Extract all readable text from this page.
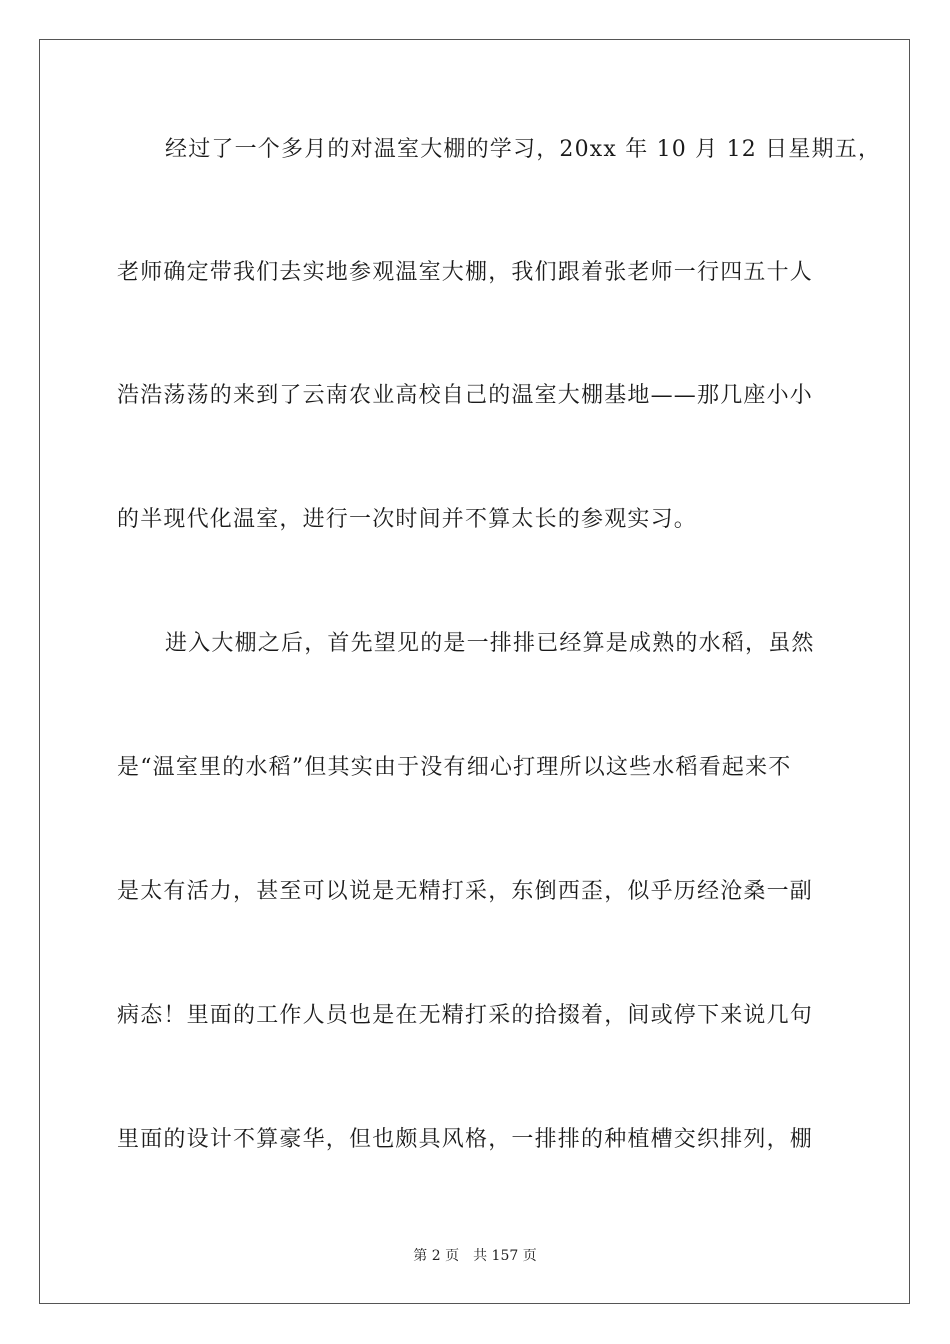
经过了一个多月的对温室大棚的学习，20xx 年 10 月 12 日星期五，
老师确定带我们去实地参观温室大棚，我们跟着张老师一行四五十人
浩浩荡荡的来到了云南农业高校自己的温室大棚基地——那几座小小
的半现代化温室，进行一次时间并不算太长的参观实习。
进入大棚之后，首先望见的是一排排已经算是成熟的水稻，虽然
是“温室里的水稻”但其实由于没有细心打理所以这些水稻看起来不
是太有活力，甚至可以说是无精打采，东倒西歪，似乎历经沧桑一副
病态！里面的工作人员也是在无精打采的拾掇着，间或停下来说几句
里面的设计不算豪华，但也颇具风格，一排排的种植槽交织排列，棚
第 2 页 共 157 页
